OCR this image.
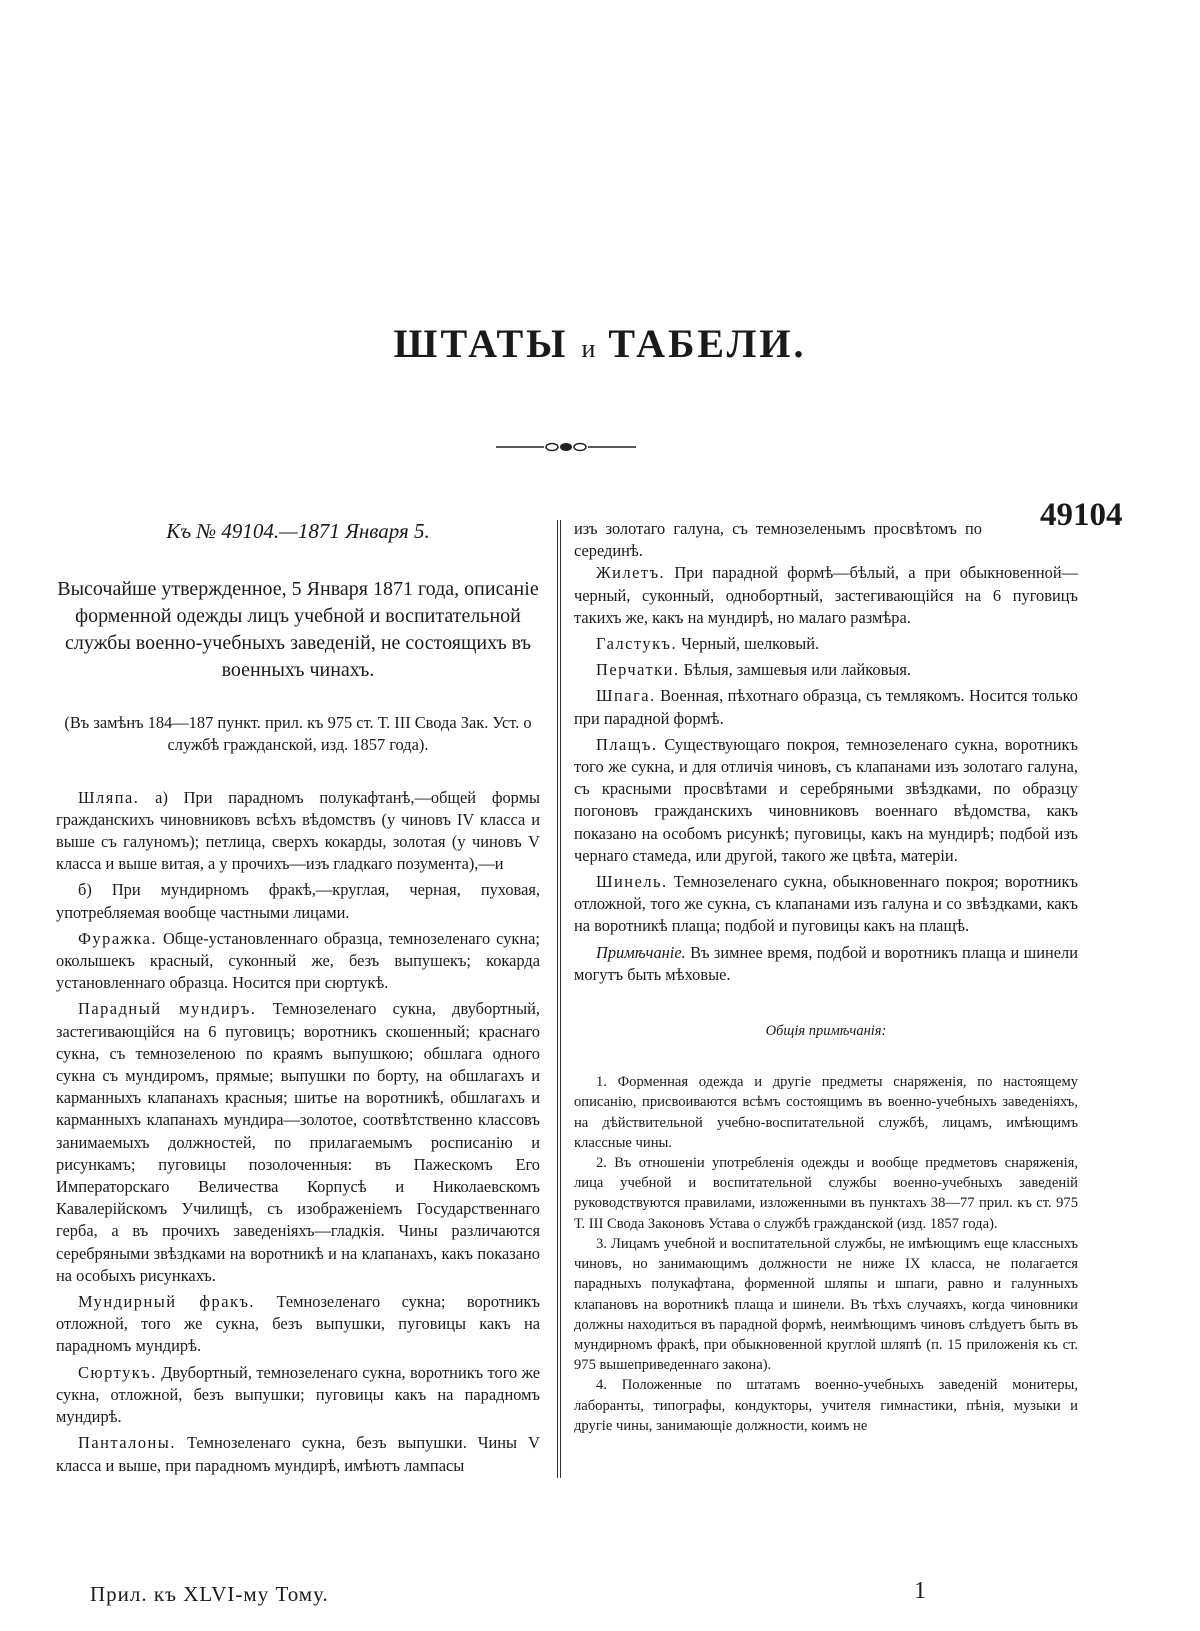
ШТАТЫ и ТАБЕЛИ.
49104

Къ № 49104.—1871 Января 5.

Высочайше утвержденное, 5 Января 1871 года, описаніе форменной одежды лицъ учебной и воспитательной службы военно-учебныхъ заведеній, не состоящихъ въ военныхъ чинахъ.

(Въ замѣнъ 184—187 пункт. прил. къ 975 ст. Т. III Свода Зак. Уст. о службѣ гражданской, изд. 1857 года).

Шляпа. а) При парадномъ полукафтанѣ,—общей формы гражданскихъ чиновниковъ всѣхъ вѣдомствъ (у чиновъ IV класса и выше съ галуномъ); петлица, сверхъ кокарды, золотая (у чиновъ V класса и выше витая, а у прочихъ—изъ гладкаго позумента),—и

б) При мундирномъ фракѣ,—круглая, черная, пуховая, употребляемая вообще частными лицами.

Фуражка. Обще-установленнаго образца, темнозеленаго сукна; околышекъ красный, суконный же, безъ выпушекъ; кокарда установленнаго образца. Носится при сюртукѣ.

Парадный мундиръ. Темнозеленаго сукна, двубортный, застегивающійся на 6 пуговицъ; воротникъ скошенный; краснаго сукна, съ темнозеленою по краямъ выпушкою; обшлага одного сукна съ мундиромъ, прямые; выпушки по борту, на обшлагахъ и карманныхъ клапанахъ красныя; шитье на воротникѣ, обшлагахъ и карманныхъ клапанахъ мундира—золотое, соотвѣтственно классовъ занимаемыхъ должностей, по прилагаемымъ росписанію и рисункамъ; пуговицы позолоченныя: въ Пажескомъ Его Императорскаго Величества Корпусѣ и Николаевскомъ Кавалерійскомъ Училищѣ, съ изображеніемъ Государственнаго герба, а въ прочихъ заведеніяхъ—гладкія. Чины различаются серебряными звѣздками на воротникѣ и на клапанахъ, какъ показано на особыхъ рисункахъ.

Мундирный фракъ. Темнозеленаго сукна; воротникъ отложной, того же сукна, безъ выпушки, пуговицы какъ на парадномъ мундирѣ.

Сюртукъ. Двубортный, темнозеленаго сукна, воротникъ того же сукна, отложной, безъ выпушки; пуговицы какъ на парадномъ мундирѣ.

Панталоны. Темнозеленаго сукна, безъ выпушки. Чины V класса и выше, при парадномъ мундирѣ, имѣютъ лампасы

изъ золотаго галуна, съ темнозеленымъ просвѣтомъ по серединѣ.

Жилетъ. При парадной формѣ—бѣлый, а при обыкновенной—черный, суконный, однобортный, застегивающійся на 6 пуговицъ такихъ же, какъ на мундирѣ, но малаго размѣра.

Галстукъ. Черный, шелковый.

Перчатки. Бѣлыя, замшевыя или лайковыя.

Шпага. Военная, пѣхотнаго образца, съ темлякомъ. Носится только при парадной формѣ.

Плащъ. Существующаго покроя, темнозеленаго сукна, воротникъ того же сукна, и для отличія чиновъ, съ клапанами изъ золотаго галуна, съ красными просвѣтами и серебряными звѣздками, по образцу погоновъ гражданскихъ чиновниковъ военнаго вѣдомства, какъ показано на особомъ рисункѣ; пуговицы, какъ на мундирѣ; подбой изъ чернаго стамеда, или другой, такого же цвѣта, матеріи.

Шинель. Темнозеленаго сукна, обыкновеннаго покроя; воротникъ отложной, того же сукна, съ клапанами изъ галуна и со звѣздками, какъ на воротникѣ плаща; подбой и пуговицы какъ на плащѣ.

Примѣчаніе. Въ зимнее время, подбой и воротникъ плаща и шинели могутъ быть мѣховые.

Общія примѣчанія:

1. Форменная одежда и другіе предметы снаряженія, по настоящему описанію, присвоиваются всѣмъ состоящимъ въ военно-учебныхъ заведеніяхъ, на дѣйствительной учебно-воспитательной службѣ, лицамъ, имѣющимъ классные чины.

2. Въ отношеніи употребленія одежды и вообще предметовъ снаряженія, лица учебной и воспитательной службы военно-учебныхъ заведеній руководствуются правилами, изложенными въ пунктахъ 38—77 прил. къ ст. 975 Т. III Свода Законовъ Устава о службѣ гражданской (изд. 1857 года).

3. Лицамъ учебной и воспитательной службы, не имѣющимъ еще классныхъ чиновъ, но занимающимъ должности не ниже IX класса, не полагается парадныхъ полукафтана, форменной шляпы и шпаги, равно и галунныхъ клапановъ на воротникѣ плаща и шинели. Въ тѣхъ случаяхъ, когда чиновники должны находиться въ парадной формѣ, неимѣющимъ чиновъ слѣдуетъ быть въ мундирномъ фракѣ, при обыкновенной круглой шляпѣ (п. 15 приложенія къ ст. 975 вышеприведеннаго закона).

4. Положенные по штатамъ военно-учебныхъ заведеній монитеры, лаборанты, типографы, кондукторы, учителя гимнастики, пѣнія, музыки и другіе чины, занимающіе должности, коимъ не

Прил. къ XLVI-му Тому.	1
